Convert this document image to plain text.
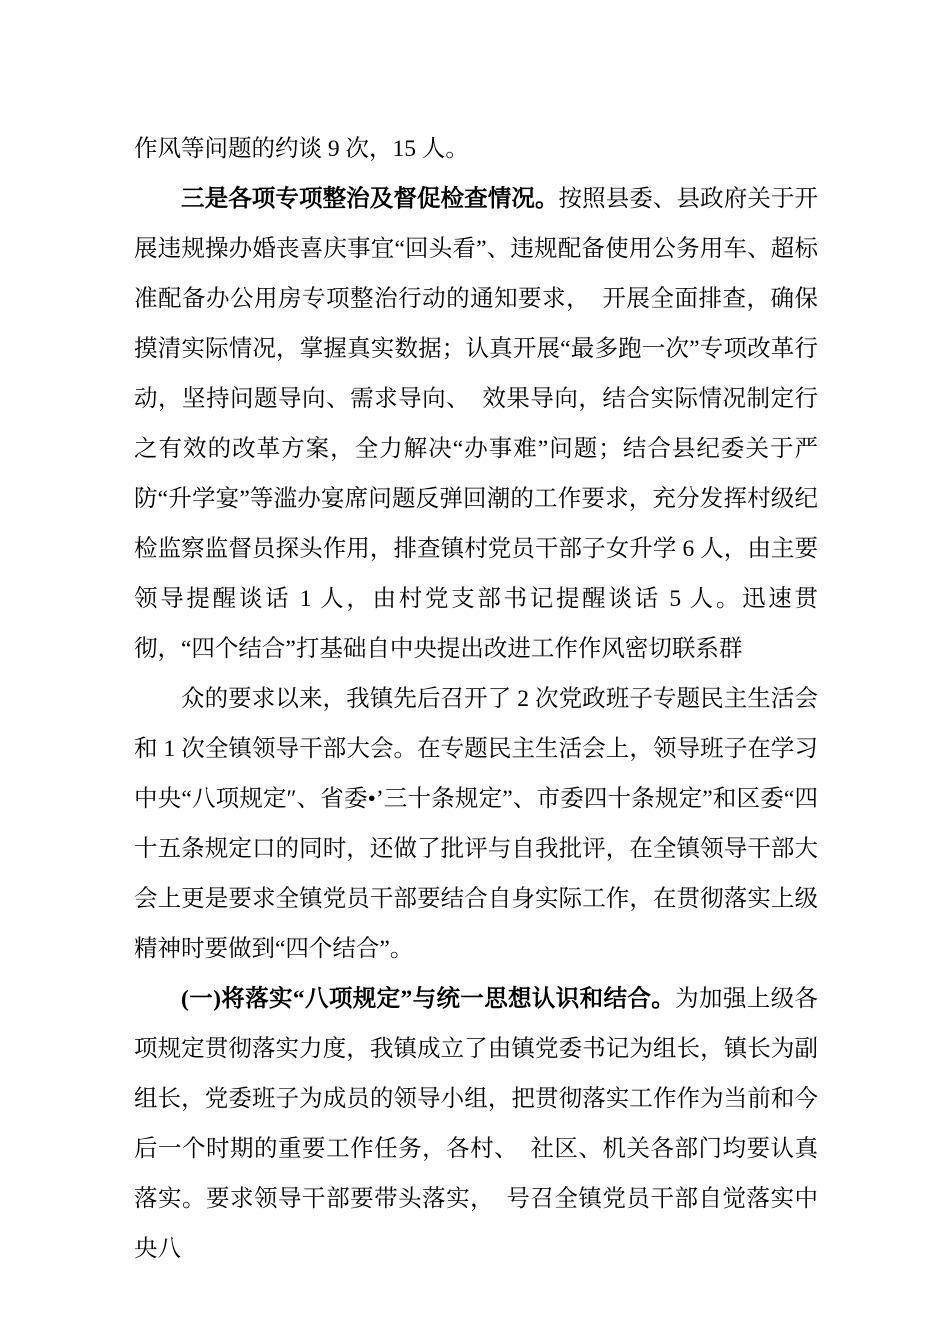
作风等问题的约谈 9 次，15 人。

三是各项专项整治及督促检查情况。按照县委、县政府关于开展违规操办婚丧喜庆事宜“回头看”、违规配备使用公务用车、超标准配备办公用房专项整治行动的通知要求，　开展全面排查，确保摸清实际情况，掌握真实数据；认真开展“最多跑一次”专项改革行动，坚持问题导向、需求导向、　效果导向，结合实际情况制定行之有效的改革方案，全力解决“办事难”问题；结合县纪委关于严防“升学宴”等滥办宴席问题反弹回潮的工作要求，充分发挥村级纪检监察监督员探头作用，排查镇村党员干部子女升学 6 人，由主要领导提醒谈话 1 人，由村党支部书记提醒谈话 5 人。迅速贯彻，“四个结合”打基础自中央提出改进工作作风密切联系群

众的要求以来，我镇先后召开了 2 次党政班子专题民主生活会和 1 次全镇领导干部大会。在专题民主生活会上，领导班子在学习中央“八项规定″、省委•’三十条规定”、市委四十条规定”和区委“四十五条规定口的同时，还做了批评与自我批评，在全镇领导干部大会上更是要求全镇党员干部要结合自身实际工作，在贯彻落实上级精神时要做到“四个结合”。

(一)将落实“八项规定”与统一思想认识和结合。为加强上级各项规定贯彻落实力度，我镇成立了由镇党委书记为组长，镇长为副组长，党委班子为成员的领导小组，把贯彻落实工作作为当前和今后一个时期的重要工作任务，各村、　社区、机关各部门均要认真落实。要求领导干部要带头落实，　号召全镇党员干部自觉落实中央八
